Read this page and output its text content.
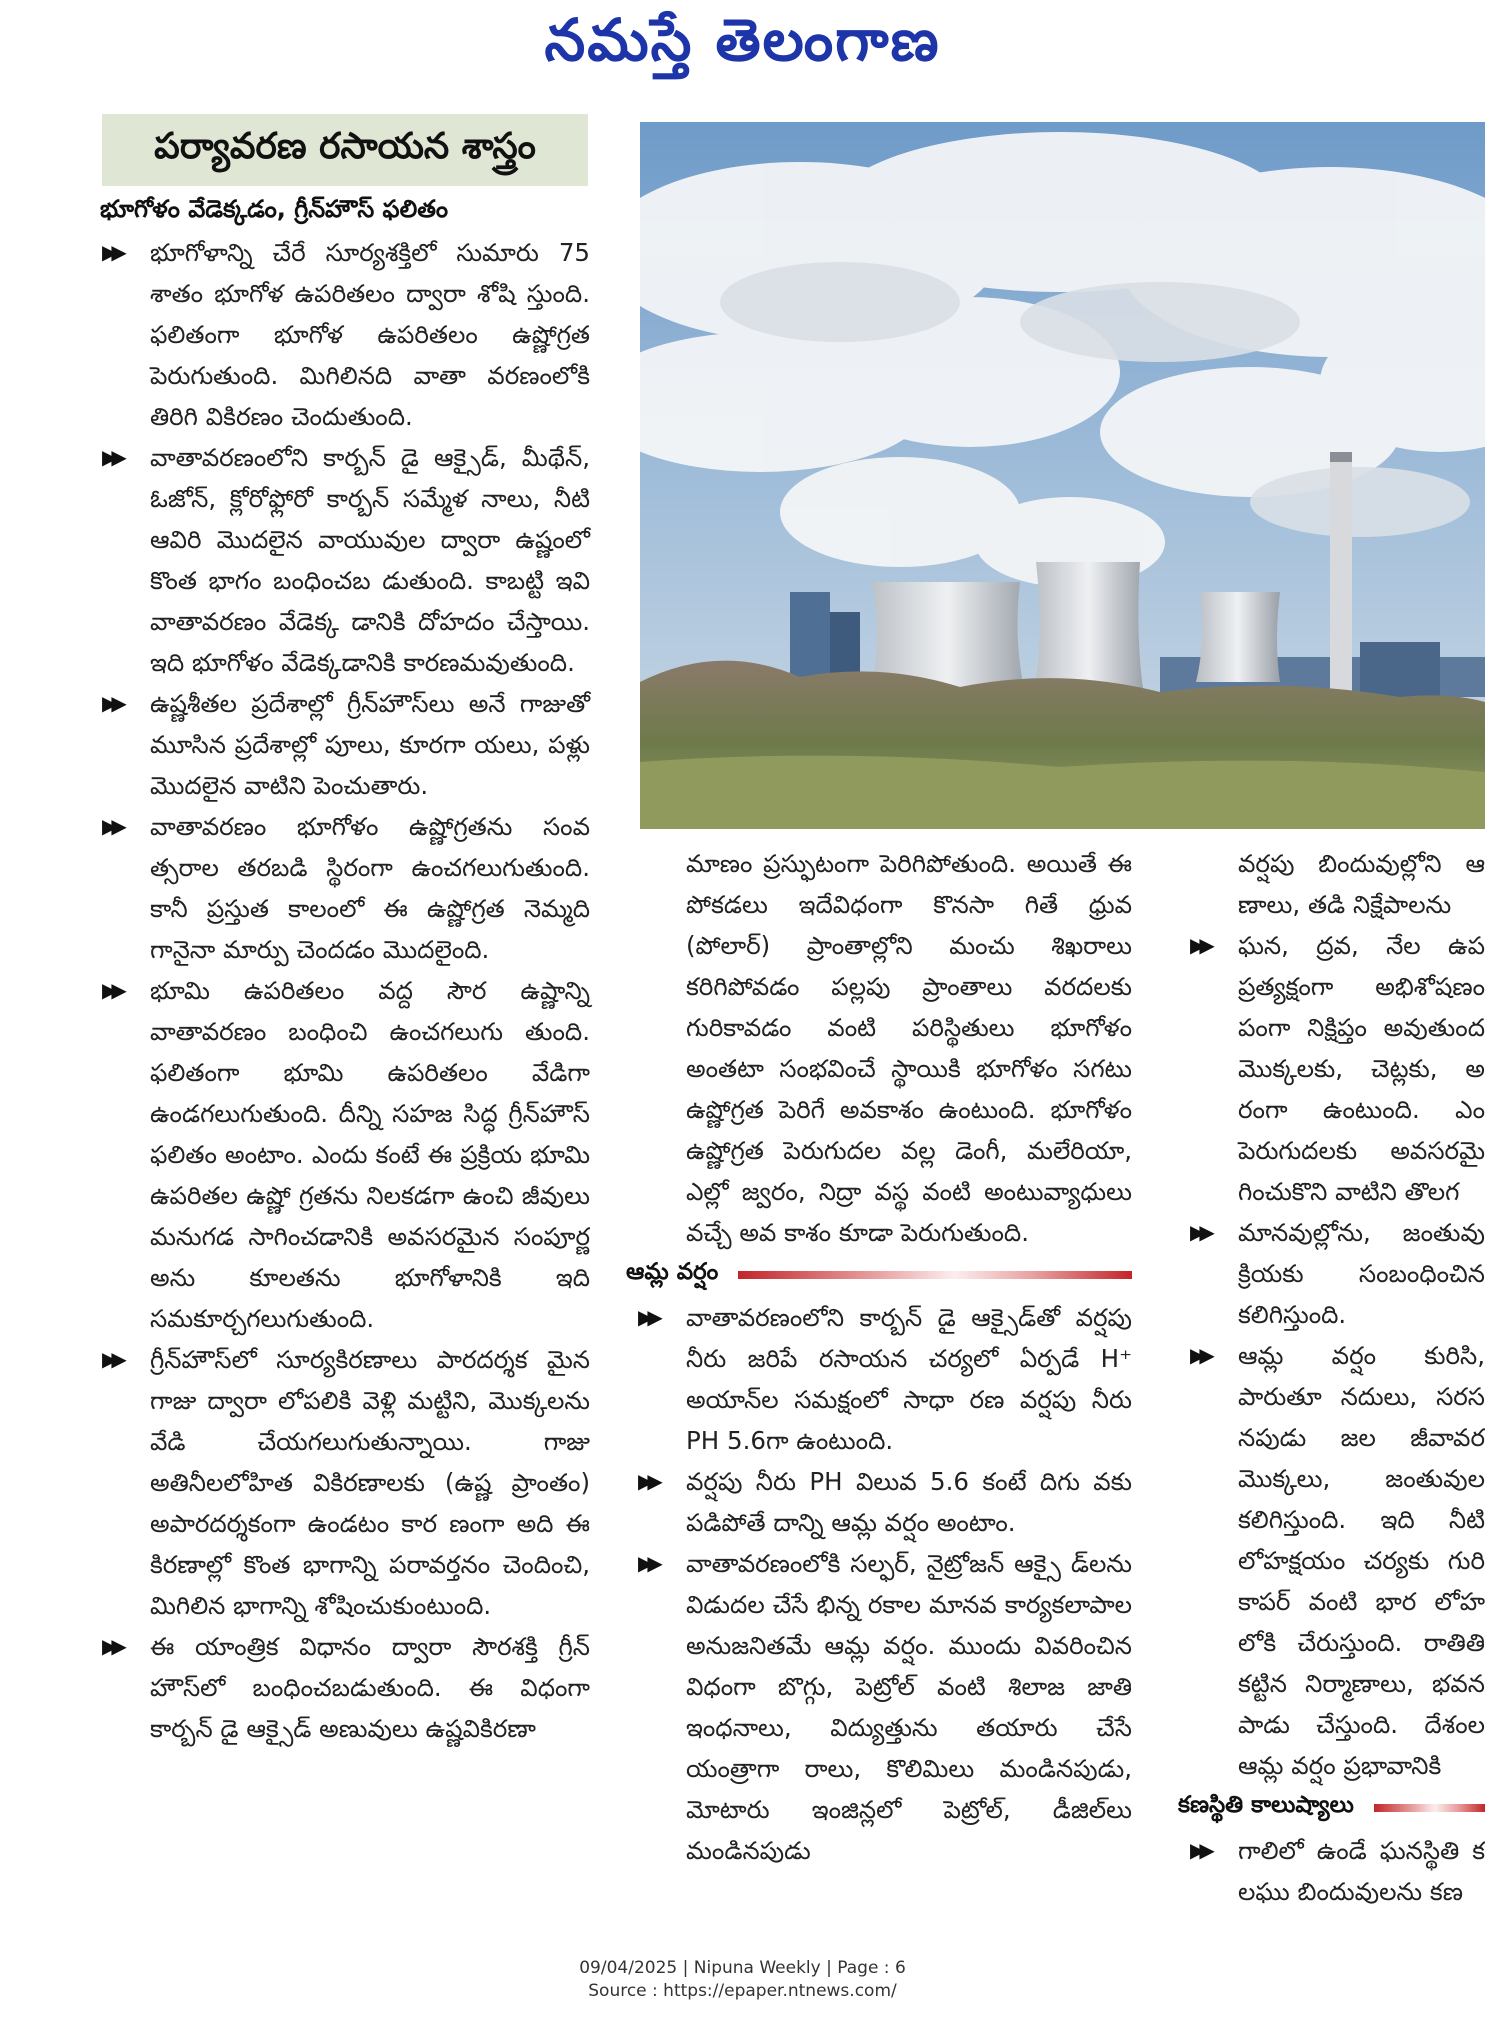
నమస్తే తెలంగాణ
పర్యావరణ రసాయన శాస్త్రం
భూగోళం వేడెక్కడం, గ్రీన్‌హౌస్ ఫలితం
▶▶ భూగోళాన్ని చేరే సూర్యశక్తిలో సుమారు 75 శాతం భూగోళ ఉపరితలం ద్వారా శోషి స్తుంది. ఫలితంగా భూగోళ ఉపరితలం ఉష్ణోగ్రత పెరుగుతుంది. మిగిలినది వాతా వరణంలోకి తిరిగి వికిరణం చెందుతుంది.

▶▶ వాతావరణంలోని కార్బన్ డై ఆక్సైడ్, మీథేన్, ఓజోన్, క్లోరోఫ్లోరో కార్బన్ సమ్మేళ నాలు, నీటి ఆవిరి మొదలైన వాయువుల ద్వారా ఉష్ణంలో కొంత భాగం బంధించబ డుతుంది. కాబట్టి ఇవి వాతావరణం వేడెక్క డానికి దోహదం చేస్తాయి. ఇది భూగోళం వేడెక్కడానికి కారణమవుతుంది.

▶▶ ఉష్ణశీతల ప్రదేశాల్లో గ్రీన్‌హౌస్‌లు అనే గాజుతో మూసిన ప్రదేశాల్లో పూలు, కూరగా యలు, పళ్లు మొదలైన వాటిని పెంచుతారు.

▶▶ వాతావరణం భూగోళం ఉష్ణోగ్రతను సంవ త్సరాల తరబడి స్థిరంగా ఉంచగలుగుతుంది. కానీ ప్రస్తుత కాలంలో ఈ ఉష్ణోగ్రత నెమ్మది గానైనా మార్పు చెందడం మొదలైంది.

▶▶ భూమి ఉపరితలం వద్ద సౌర ఉష్ణాన్ని వాతావరణం బంధించి ఉంచగలుగు తుంది. ఫలితంగా భూమి ఉపరితలం వేడిగా ఉండగలుగుతుంది. దీన్ని సహజ సిద్ధ గ్రీన్‌హౌస్ ఫలితం అంటాం. ఎందు కంటే ఈ ప్రక్రియ భూమి ఉపరితల ఉష్ణో గ్రతను నిలకడగా ఉంచి జీవులు మనుగడ సాగించడానికి అవసరమైన సంపూర్ణ అను కూలతను భూగోళానికి ఇది సమకూర్చగలుగుతుంది.

▶▶ గ్రీన్‌హౌస్‌లో సూర్యకిరణాలు పారదర్శక మైన గాజు ద్వారా లోపలికి వెళ్లి మట్టిని, మొక్కలను వేడి చేయగలుగుతున్నాయి. గాజు అతినీలలోహిత వికిరణాలకు (ఉష్ణ ప్రాంతం) అపారదర్శకంగా ఉండటం కార ణంగా అది ఈ కిరణాల్లో కొంత భాగాన్ని పరావర్తనం చెందించి, మిగిలిన భాగాన్ని శోషించుకుంటుంది.

▶▶ ఈ యాంత్రిక విధానం ద్వారా సౌరశక్తి గ్రీన్ హౌస్‌లో బంధించబడుతుంది. ఈ విధంగా కార్బన్ డై ఆక్సైడ్ అణువులు ఉష్ణవికిరణా

మాణం ప్రస్ఫుటంగా పెరిగిపోతుంది. అయితే ఈ పోకడలు ఇదేవిధంగా కొనసా గితే ధ్రువ (పోలార్) ప్రాంతాల్లోని మంచు శిఖరాలు కరిగిపోవడం పల్లపు ప్రాంతాలు వరదలకు గురికావడం వంటి పరిస్థితులు భూగోళం అంతటా సంభవించే స్థాయికి భూగోళం సగటు ఉష్ణోగ్రత పెరిగే అవకాశం ఉంటుంది. భూగోళం ఉష్ణోగ్రత పెరుగుదల వల్ల డెంగీ, మలేరియా, ఎల్లో జ్వరం, నిద్రా వస్థ వంటి అంటువ్యాధులు వచ్చే అవ కాశం కూడా పెరుగుతుంది.

ఆమ్ల వర్షం
▶▶ వాతావరణంలోని కార్బన్ డై ఆక్సైడ్‌తో వర్షపు నీరు జరిపే రసాయన చర్యలో ఏర్పడే H⁺ అయాన్‌ల సమక్షంలో సాధా రణ వర్షపు నీరు PH 5.6గా ఉంటుంది.

▶▶ వర్షపు నీరు PH విలువ 5.6 కంటే దిగు వకు పడిపోతే దాన్ని ఆమ్ల వర్షం అంటాం.

▶▶ వాతావరణంలోకి సల్ఫర్, నైట్రోజన్ ఆక్సై డ్‌లను విడుదల చేసే భిన్న రకాల మానవ కార్యకలాపాల అనుజనితమే ఆమ్ల వర్షం. ముందు వివరించిన విధంగా బొగ్గు, పెట్రోల్ వంటి శిలాజ జాతి ఇంధనాలు, విద్యుత్తును తయారు చేసే యంత్రాగా రాలు, కొలిమిలు మండినపుడు, మోటారు ఇంజిన్లలో పెట్రోల్, డీజిల్‌లు మండినపుడు

వర్షపు బిందువుల్లోని ఆ ణాలు, తడి నిక్షేపాలను

▶▶ ఘన, ద్రవ, నేల ఉప ప్రత్యక్షంగా అభిశోషణం పంగా నిక్షిప్తం అవుతుంద మొక్కలకు, చెట్లకు, అ రంగా ఉంటుంది. ఎం పెరుగుదలకు అవసరమై గించుకొని వాటిని తొలగ

▶▶ మానవుల్లోను, జంతువు క్రియకు సంబంధించిన కలిగిస్తుంది.

▶▶ ఆమ్ల వర్షం కురిసి, పారుతూ నదులు, సరస నపుడు జల జీవావర మొక్కలు, జంతువుల కలిగిస్తుంది. ఇది నీటి లోహక్షయం చర్యకు గురి కాపర్ వంటి భార లోహ లోకి చేరుస్తుంది. రాతితి కట్టిన నిర్మాణాలు, భవన పాడు చేస్తుంది. దేశంల ఆమ్ల వర్షం ప్రభావానికి

కణస్థితి కాలుష్యాలు
▶▶ గాలిలో ఉండే ఘనస్థితి క లఘు బిందువులను కణ

09/04/2025 | Nipuna Weekly | Page : 6
Source : https://epaper.ntnews.com/
